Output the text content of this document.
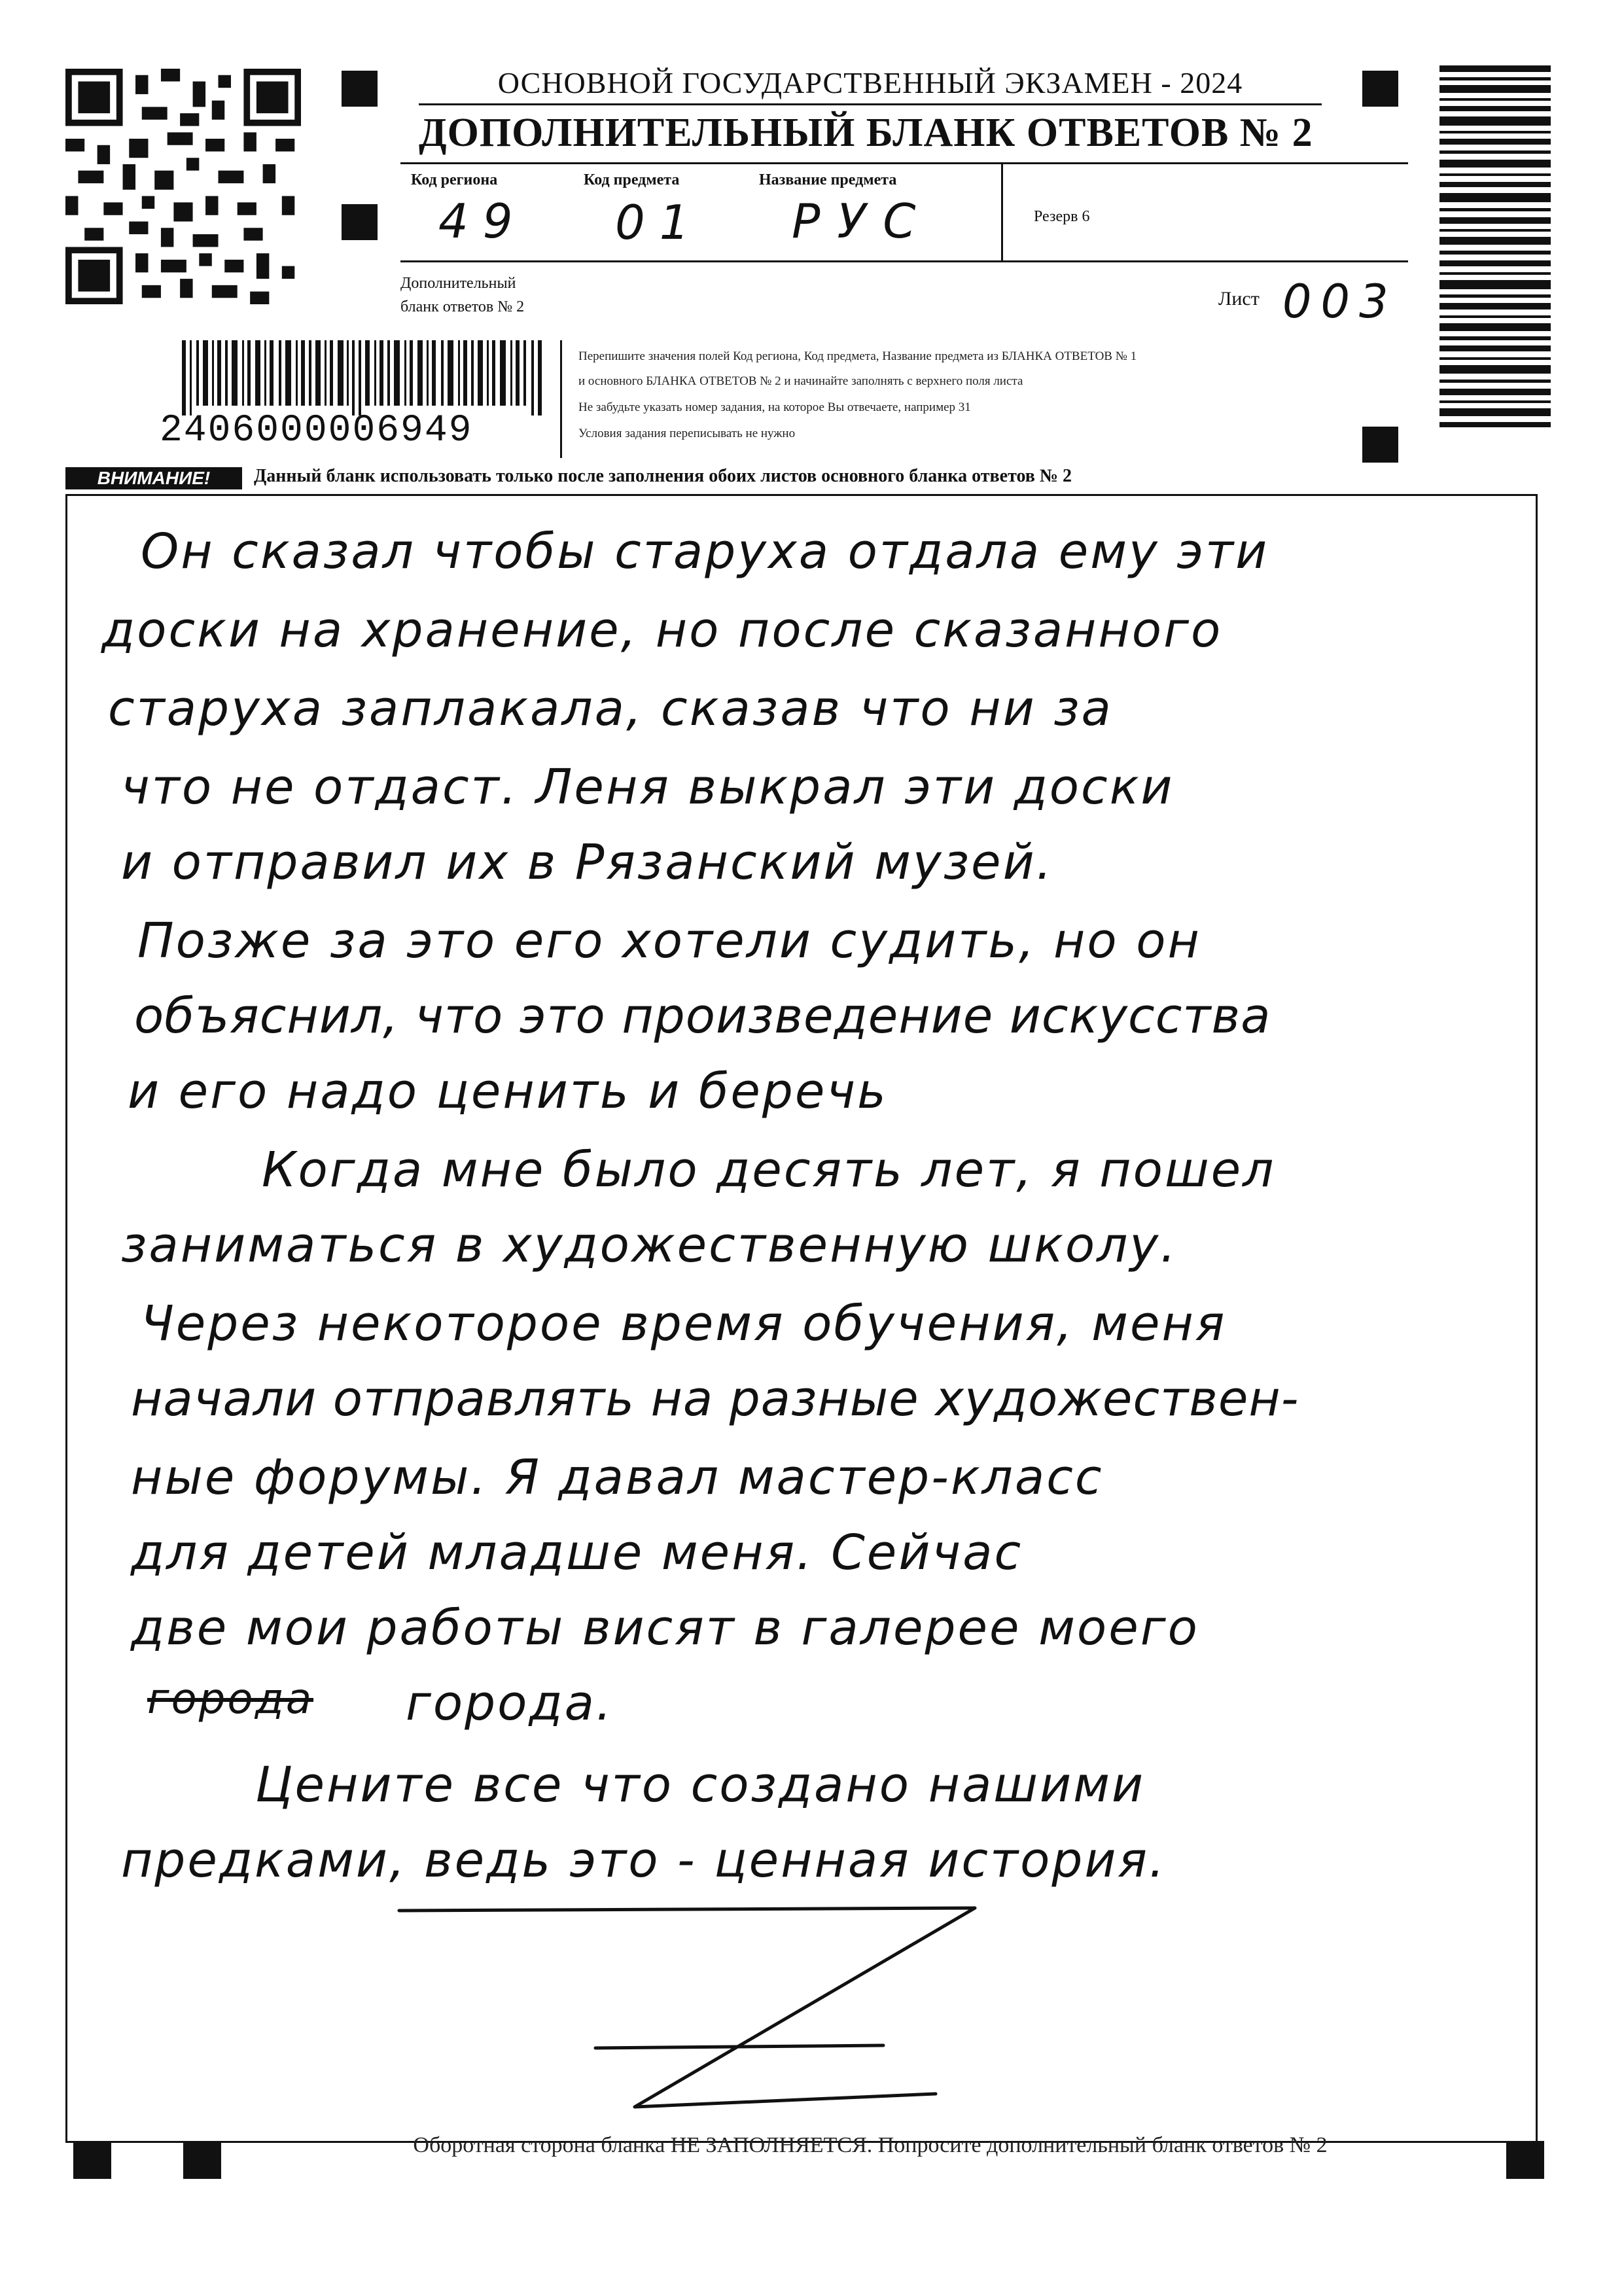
ОСНОВНОЙ ГОСУДАРСТВЕННЫЙ ЭКЗАМЕН - 2024
ДОПОЛНИТЕЛЬНЫЙ БЛАНК ОТВЕТОВ № 2
Код региона	Код предмета	Название предмета
49 01 РУС	Резерв 6
Дополнительный
бланк ответов № 2	Лист 003
2406000006949
Перепишите значения полей Код региона, Код предмета, Название предмета из БЛАНКА ОТВЕТОВ № 1
и основного БЛАНКА ОТВЕТОВ № 2 и начинайте заполнять с верхнего поля листа
Не забудьте указать номер задания, на которое Вы отвечаете, например 31
Условия задания переписывать не нужно
ВНИМАНИЕ!	Данный бланк использовать только после заполнения обоих листов основного бланка ответов № 2
Он сказал чтобы старуха отдала ему эти
доски на хранение, но после сказанного
старуха заплакала, сказав что ни за
что не отдаст. Леня выкрал эти доски
и отправил их в Рязанский музей.
Позже за это его хотели судить, но он
объяснил, что это произведение искусства
и его надо ценить и беречь
Когда мне было десять лет, я пошел
заниматься в художественную школу.
Через некоторое время обучения, меня
начали отправлять на разные художествен-
ные форумы. Я давал мастер-класс
для детей младше меня. Сейчас
две мои работы висят в галерее моего
города города.
Цените все что создано нашими
предками, ведь это - ценная история.
Оборотная сторона бланка НЕ ЗАПОЛНЯЕТСЯ. Попросите дополнительный бланк ответов № 2
